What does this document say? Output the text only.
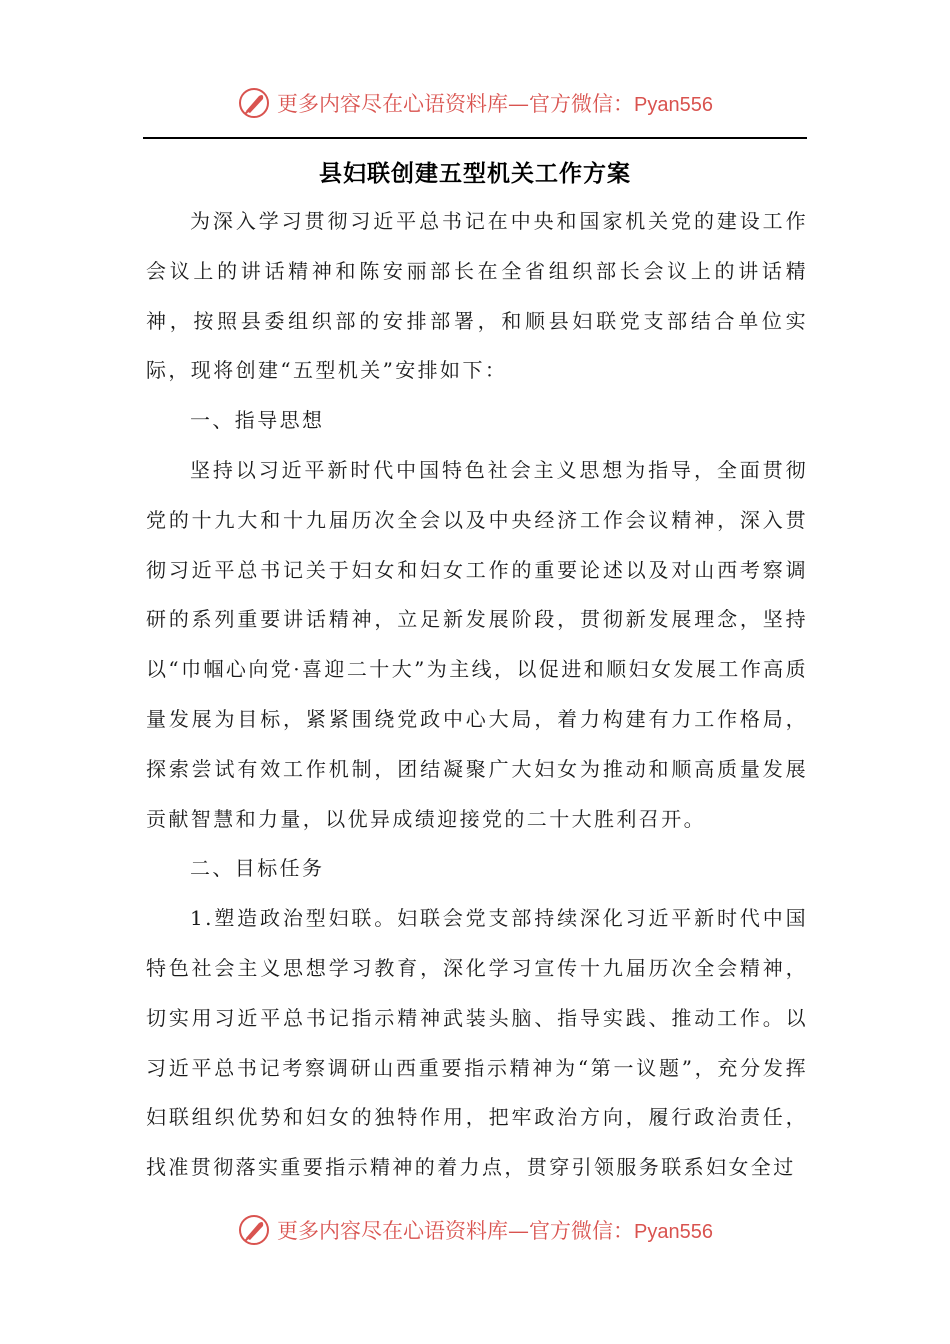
更多内容尽在心语资料库—官方微信：Pyan556
县妇联创建五型机关工作方案

为深入学习贯彻习近平总书记在中央和国家机关党的建设工作会议上的讲话精神和陈安丽部长在全省组织部长会议上的讲话精神，按照县委组织部的安排部署，和顺县妇联党支部结合单位实际，现将创建“五型机关”安排如下：

一、指导思想

坚持以习近平新时代中国特色社会主义思想为指导，全面贯彻党的十九大和十九届历次全会以及中央经济工作会议精神，深入贯彻习近平总书记关于妇女和妇女工作的重要论述以及对山西考察调研的系列重要讲话精神，立足新发展阶段，贯彻新发展理念，坚持以“巾帼心向党·喜迎二十大”为主线，以促进和顺妇女发展工作高质量发展为目标，紧紧围绕党政中心大局，着力构建有力工作格局，探索尝试有效工作机制，团结凝聚广大妇女为推动和顺高质量发展贡献智慧和力量，以优异成绩迎接党的二十大胜利召开。

二、目标任务

1.塑造政治型妇联。妇联会党支部持续深化习近平新时代中国特色社会主义思想学习教育，深化学习宣传十九届历次全会精神，切实用习近平总书记指示精神武装头脑、指导实践、推动工作。以习近平总书记考察调研山西重要指示精神为“第一议题”，充分发挥妇联组织优势和妇女的独特作用，把牢政治方向，履行政治责任，找准贯彻落实重要指示精神的着力点，贯穿引领服务联系妇女全过

更多内容尽在心语资料库—官方微信：Pyan556
